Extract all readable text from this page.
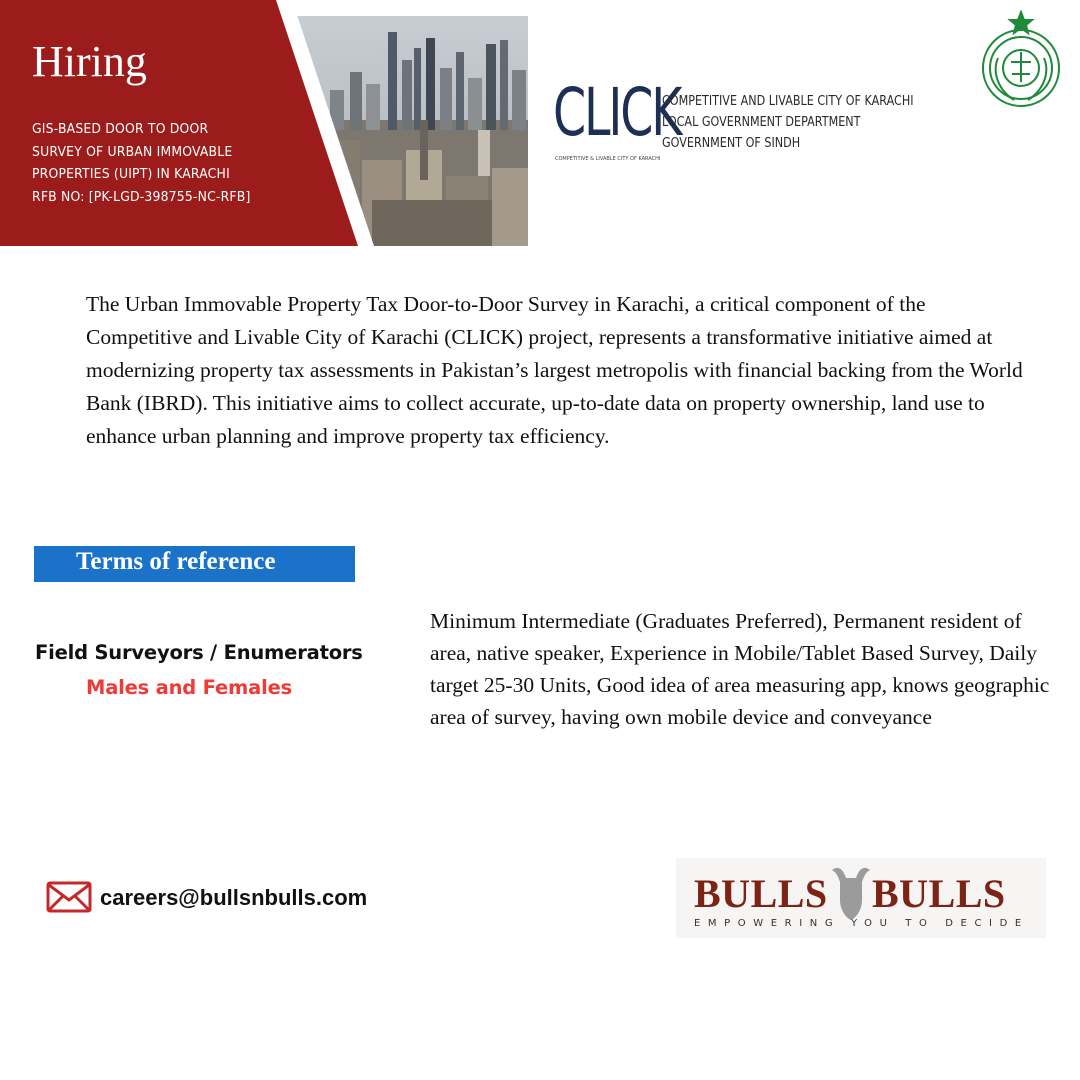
Hiring
GIS-BASED DOOR TO DOOR
SURVEY OF URBAN IMMOVABLE
PROPERTIES (UIPT) IN KARACHI
RFB NO: [PK-LGD-398755-NC-RFB]
CLICK
COMPETITIVE & LIVABLE CITY OF KARACHI
COMPETITIVE AND LIVABLE CITY OF KARACHI
LOCAL GOVERNMENT DEPARTMENT
GOVERNMENT OF SINDH
The Urban Immovable Property Tax Door-to-Door Survey in Karachi, a critical component of the Competitive and Livable City of Karachi (CLICK) project, represents a transformative initiative aimed at modernizing property tax assessments in Pakistan’s largest metropolis with financial backing from the World Bank (IBRD). This initiative aims to collect accurate, up-to-date data on property ownership, land use to enhance urban planning and improve property tax efficiency.
Terms of reference
Field Surveyors / Enumerators
Males and Females
Minimum Intermediate (Graduates Preferred), Permanent resident of area, native speaker, Experience in Mobile/Tablet Based Survey, Daily target 25-30 Units, Good idea of area measuring app, knows geographic area of survey, having own mobile device and conveyance
careers@bullsnbulls.com	BULLS BULLS
EMPOWERING YOU TO DECIDE
